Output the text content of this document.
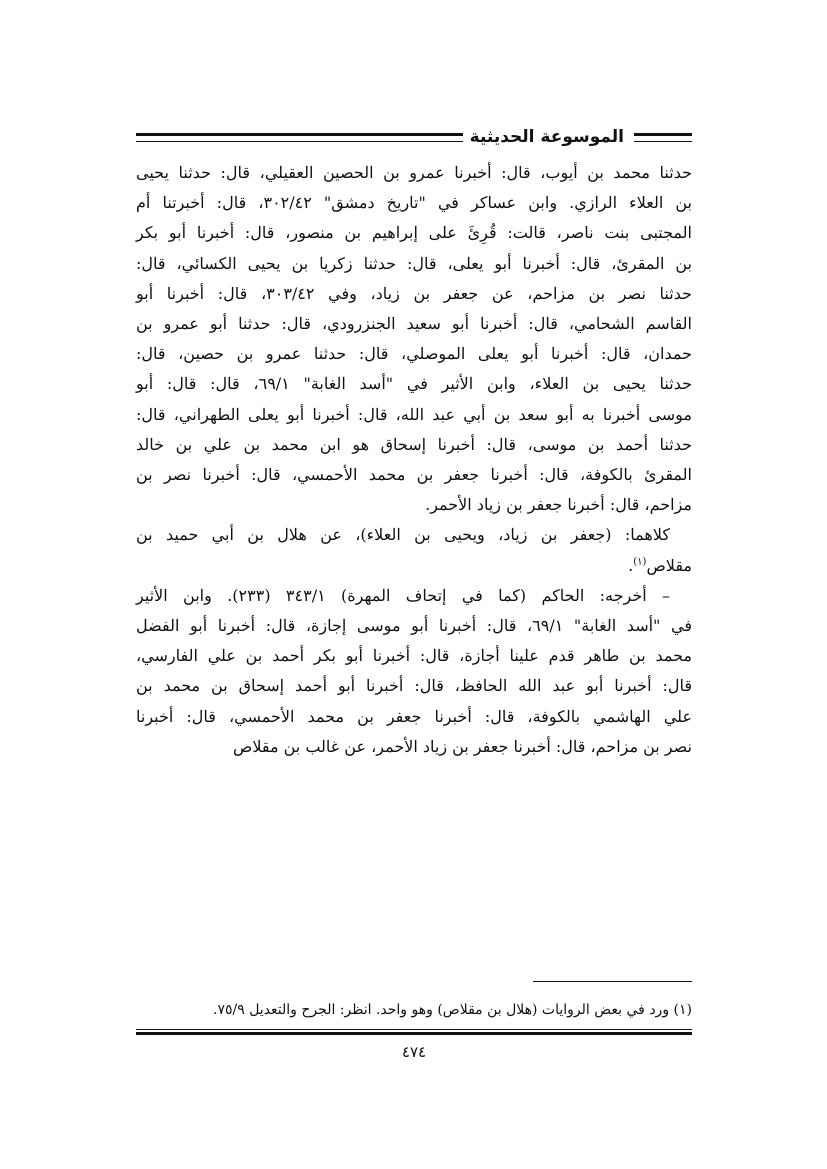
الموسوعة الحديثية

حدثنا محمد بن أيوب، قال: أخبرنا عمرو بن الحصين العقيلي، قال: حدثنا يحيى
بن العلاء الرازي. وابن عساكر في "تاريخ دمشق" ٣٠٢/٤٢، قال: أخبرتنا أم
المجتبى بنت ناصر، قالت: قُرِئَ على إبراهيم بن منصور، قال: أخبرنا أبو بكر
بن المقرئ، قال: أخبرنا أبو يعلى، قال: حدثنا زكريا بن يحيى الكسائي، قال:
حدثنا نصر بن مزاحم، عن جعفر بن زياد، وفي ٣٠٣/٤٢، قال: أخبرنا أبو
القاسم الشحامي، قال: أخبرنا أبو سعيد الجنزرودي، قال: حدثنا أبو عمرو بن
حمدان، قال: أخبرنا أبو يعلى الموصلي، قال: حدثنا عمرو بن حصين، قال:
حدثنا يحيى بن العلاء، وابن الأثير في "أسد الغابة" ٦٩/١، قال: قال: أبو
موسى أخبرنا به أبو سعد بن أبي عبد الله، قال: أخبرنا أبو يعلى الطهراني، قال:
حدثنا أحمد بن موسى، قال: أخبرنا إسحاق هو ابن محمد بن علي بن خالد
المقرئ بالكوفة، قال: أخبرنا جعفر بن محمد الأحمسي، قال: أخبرنا نصر بن
مزاحم، قال: أخبرنا جعفر بن زياد الأحمر.

كلاهما: (جعفر بن زياد، ويحيى بن العلاء)، عن هلال بن أبي حميد بن
مقلاص$^{(١)}$.

– أخرجه: الحاكم (كما في إتحاف المهرة) ٣٤٣/١ (٢٣٣). وابن الأثير
في "أسد الغابة" ٦٩/١، قال: أخبرنا أبو موسى إجازة، قال: أخبرنا أبو الفضل
محمد بن طاهر قدم علينا أجازة، قال: أخبرنا أبو بكر أحمد بن علي الفارسي،
قال: أخبرنا أبو عبد الله الحافظ، قال: أخبرنا أبو أحمد إسحاق بن محمد بن
علي الهاشمي بالكوفة، قال: أخبرنا جعفر بن محمد الأحمسي، قال: أخبرنا
نصر بن مزاحم، قال: أخبرنا جعفر بن زياد الأحمر، عن غالب بن مقلاص

(١) ورد في بعض الروايات (هلال بن مقلاص) وهو واحد. انظر: الجرح والتعديل ٧٥/٩.
٤٧٤
